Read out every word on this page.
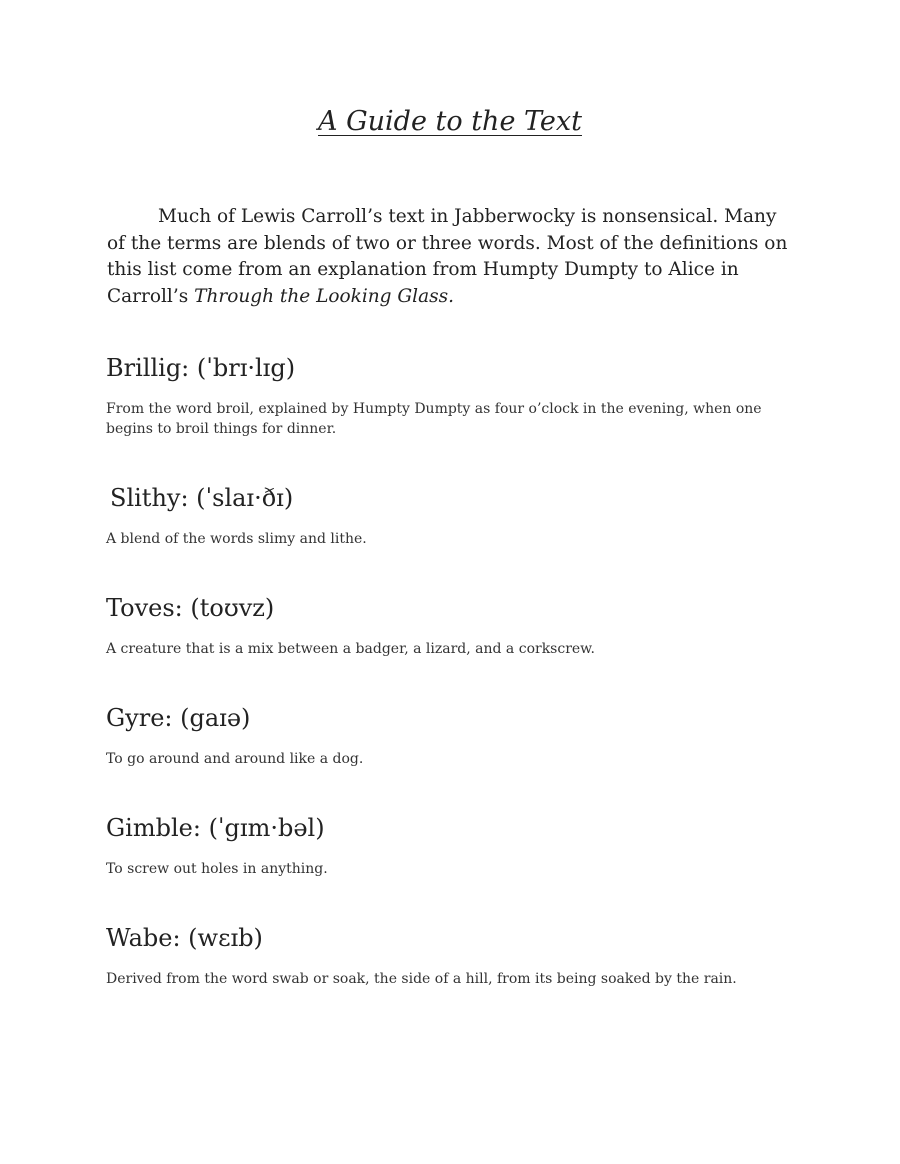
A Guide to the Text

Much of Lewis Carroll’s text in Jabberwocky is nonsensical. Many of the terms are blends of two or three words. Most of the definitions on this list come from an explanation from Humpty Dumpty to Alice in Carroll’s Through the Looking Glass.

Brillig: (ˈbrɪ·lɪg)

From the word broil, explained by Humpty Dumpty as four o’clock in the evening, when one begins to broil things for dinner.

Slithy: (ˈslaɪ·ðɪ)

A blend of the words slimy and lithe.

Toves: (toʊvz)

A creature that is a mix between a badger, a lizard, and a corkscrew.

Gyre: (gaɪə)

To go around and around like a dog.

Gimble: (ˈgɪm·bəl)

To screw out holes in anything.

Wabe: (wɛɪb)

Derived from the word swab or soak, the side of a hill, from its being soaked by the rain.
